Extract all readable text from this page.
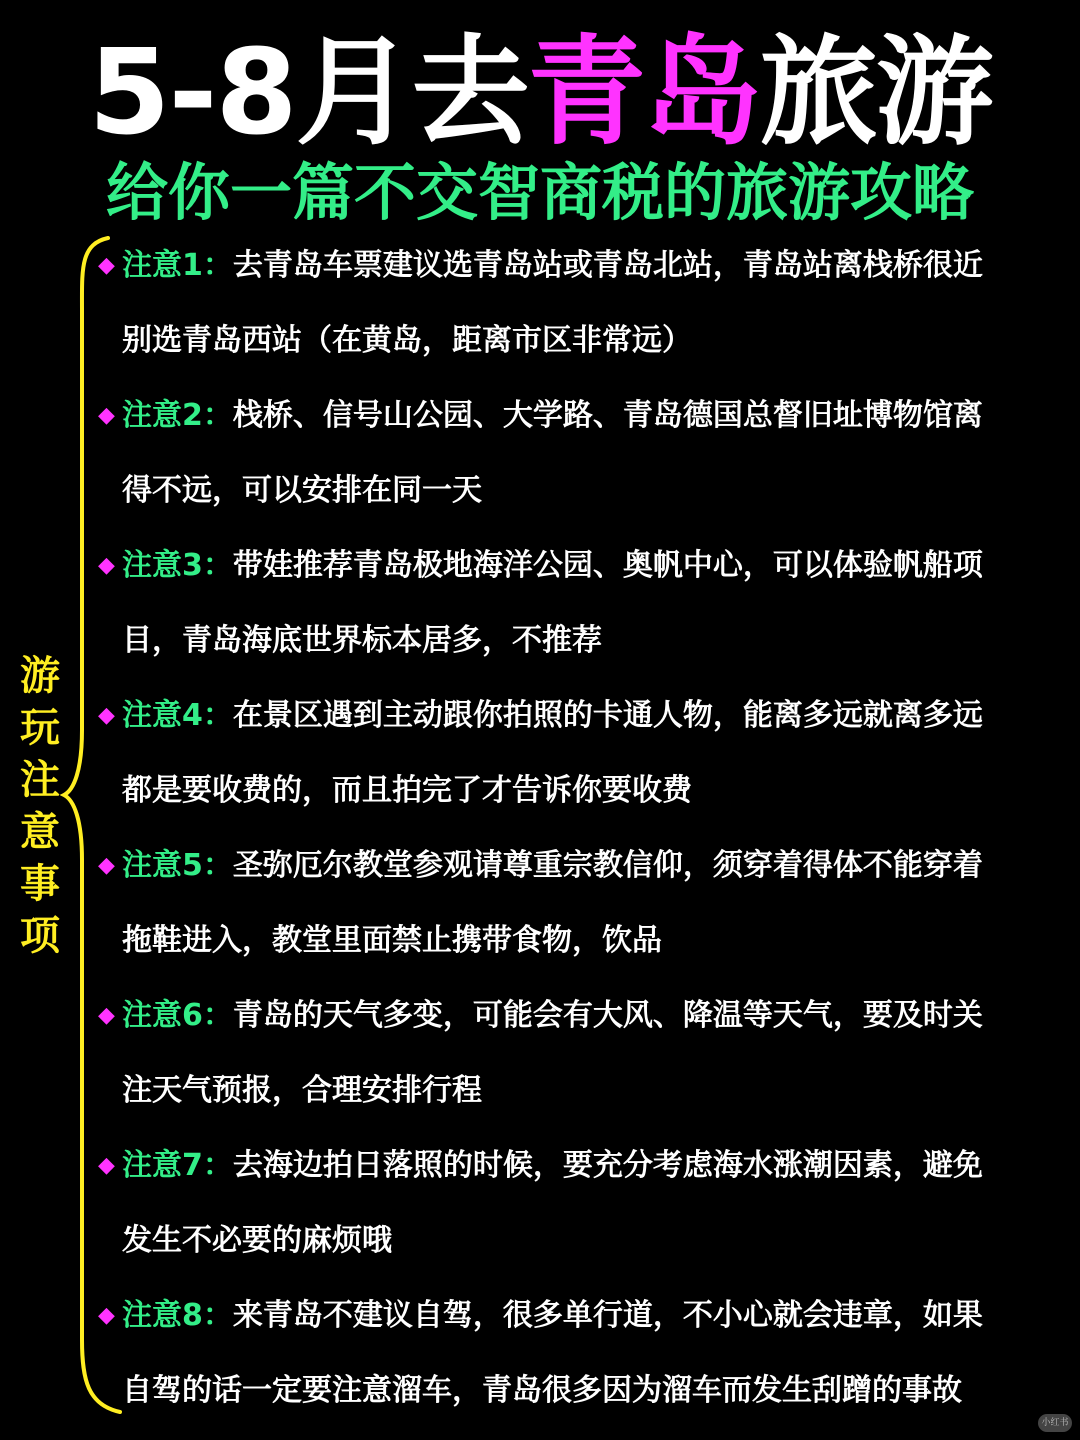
5-8月去青岛旅游
给你一篇不交智商税的旅游攻略
游
玩
注
意
事
项
◆ 注意1：去青岛车票建议选青岛站或青岛北站，青岛站离栈桥很近
别选青岛西站（在黄岛，距离市区非常远）
◆ 注意2：栈桥、信号山公园、大学路、青岛德国总督旧址博物馆离
得不远，可以安排在同一天
◆ 注意3：带娃推荐青岛极地海洋公园、奥帆中心，可以体验帆船项
目，青岛海底世界标本居多，不推荐
◆ 注意4：在景区遇到主动跟你拍照的卡通人物，能离多远就离多远
都是要收费的，而且拍完了才告诉你要收费
◆ 注意5：圣弥厄尔教堂参观请尊重宗教信仰，须穿着得体不能穿着
拖鞋进入，教堂里面禁止携带食物，饮品
◆ 注意6：青岛的天气多变，可能会有大风、降温等天气，要及时关
注天气预报，合理安排行程
◆ 注意7：去海边拍日落照的时候，要充分考虑海水涨潮因素，避免
发生不必要的麻烦哦
◆ 注意8：来青岛不建议自驾，很多单行道，不小心就会违章，如果
自驾的话一定要注意溜车，青岛很多因为溜车而发生刮蹭的事故
小红书
